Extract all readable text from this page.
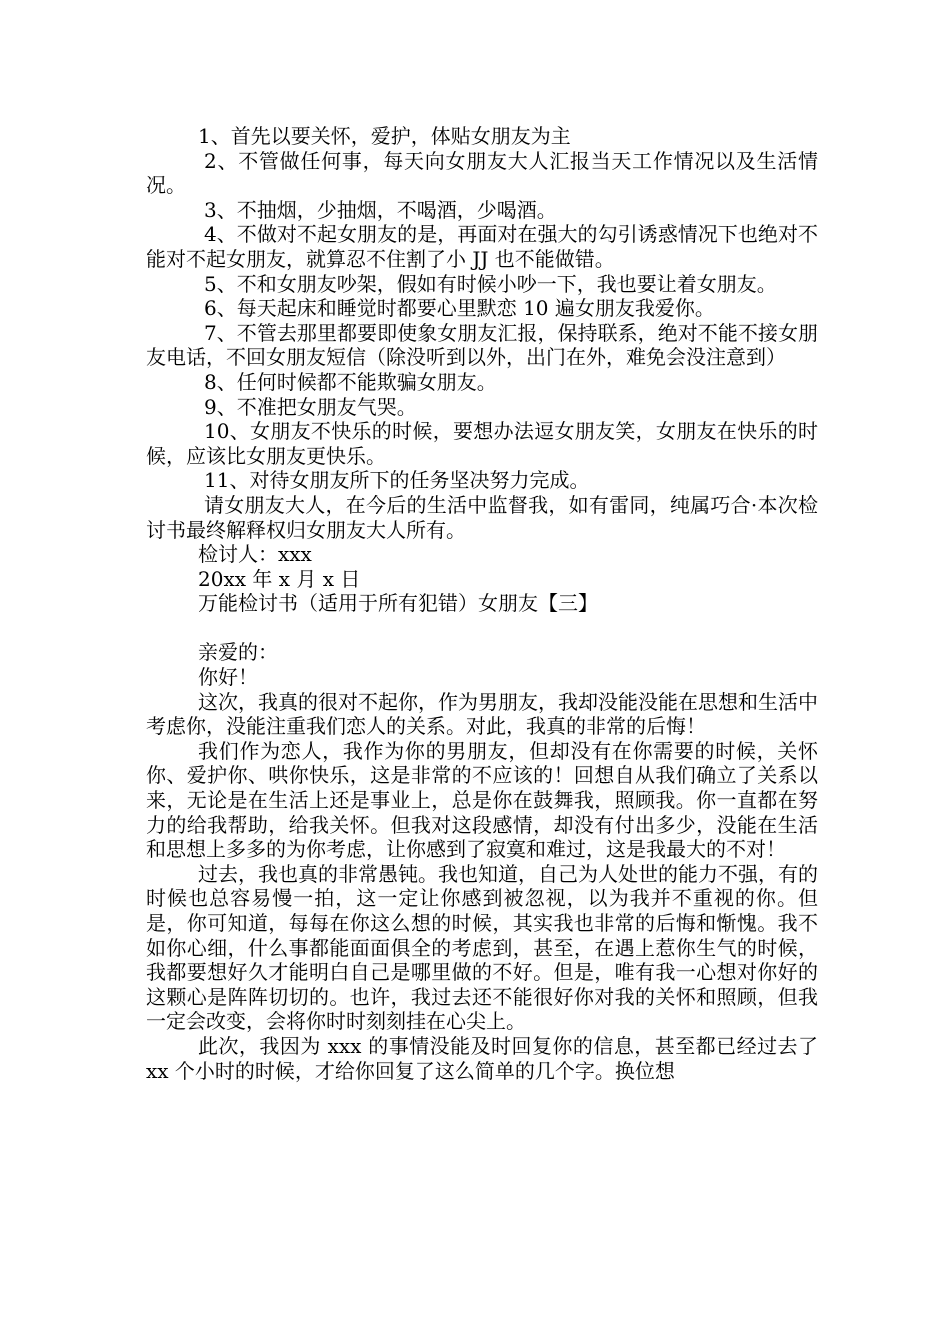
1、首先以要关怀，爱护，体贴女朋友为主

2、不管做任何事，每天向女朋友大人汇报当天工作情况以及生活情况。

3、不抽烟，少抽烟，不喝酒，少喝酒。

4、不做对不起女朋友的是，再面对在强大的勾引诱惑情况下也绝对不能对不起女朋友，就算忍不住割了小 JJ 也不能做错。

5、不和女朋友吵架，假如有时候小吵一下，我也要让着女朋友。

6、每天起床和睡觉时都要心里默恋 10 遍女朋友我爱你。

7、不管去那里都要即使象女朋友汇报，保持联系，绝对不能不接女朋友电话，不回女朋友短信（除没听到以外，出门在外，难免会没注意到）

8、任何时候都不能欺骗女朋友。

9、不准把女朋友气哭。

10、女朋友不快乐的时候，要想办法逗女朋友笑，女朋友在快乐的时候，应该比女朋友更快乐。

11、对待女朋友所下的任务坚决努力完成。

请女朋友大人，在今后的生活中监督我，如有雷同，纯属巧合·本次检讨书最终解释权归女朋友大人所有。

检讨人：xxx

20xx 年 x 月 x 日

万能检讨书（适用于所有犯错）女朋友【三】

亲爱的：

你好！

这次，我真的很对不起你，作为男朋友，我却没能没能在思想和生活中考虑你，没能注重我们恋人的关系。对此，我真的非常的后悔！

我们作为恋人，我作为你的男朋友，但却没有在你需要的时候，关怀你、爱护你、哄你快乐，这是非常的不应该的！回想自从我们确立了关系以来，无论是在生活上还是事业上，总是你在鼓舞我，照顾我。你一直都在努力的给我帮助，给我关怀。但我对这段感情，却没有付出多少，没能在生活和思想上多多的为你考虑，让你感到了寂寞和难过，这是我最大的不对！

过去，我也真的非常愚钝。我也知道，自己为人处世的能力不强，有的时候也总容易慢一拍，这一定让你感到被忽视，以为我并不重视的你。但是，你可知道，每每在你这么想的时候，其实我也非常的后悔和惭愧。我不如你心细，什么事都能面面俱全的考虑到，甚至，在遇上惹你生气的时候，我都要想好久才能明白自己是哪里做的不好。但是，唯有我一心想对你好的这颗心是阵阵切切的。也许，我过去还不能很好你对我的关怀和照顾，但我一定会改变，会将你时时刻刻挂在心尖上。

此次，我因为 xxx 的事情没能及时回复你的信息，甚至都已经过去了 xx 个小时的时候，才给你回复了这么简单的几个字。换位想
